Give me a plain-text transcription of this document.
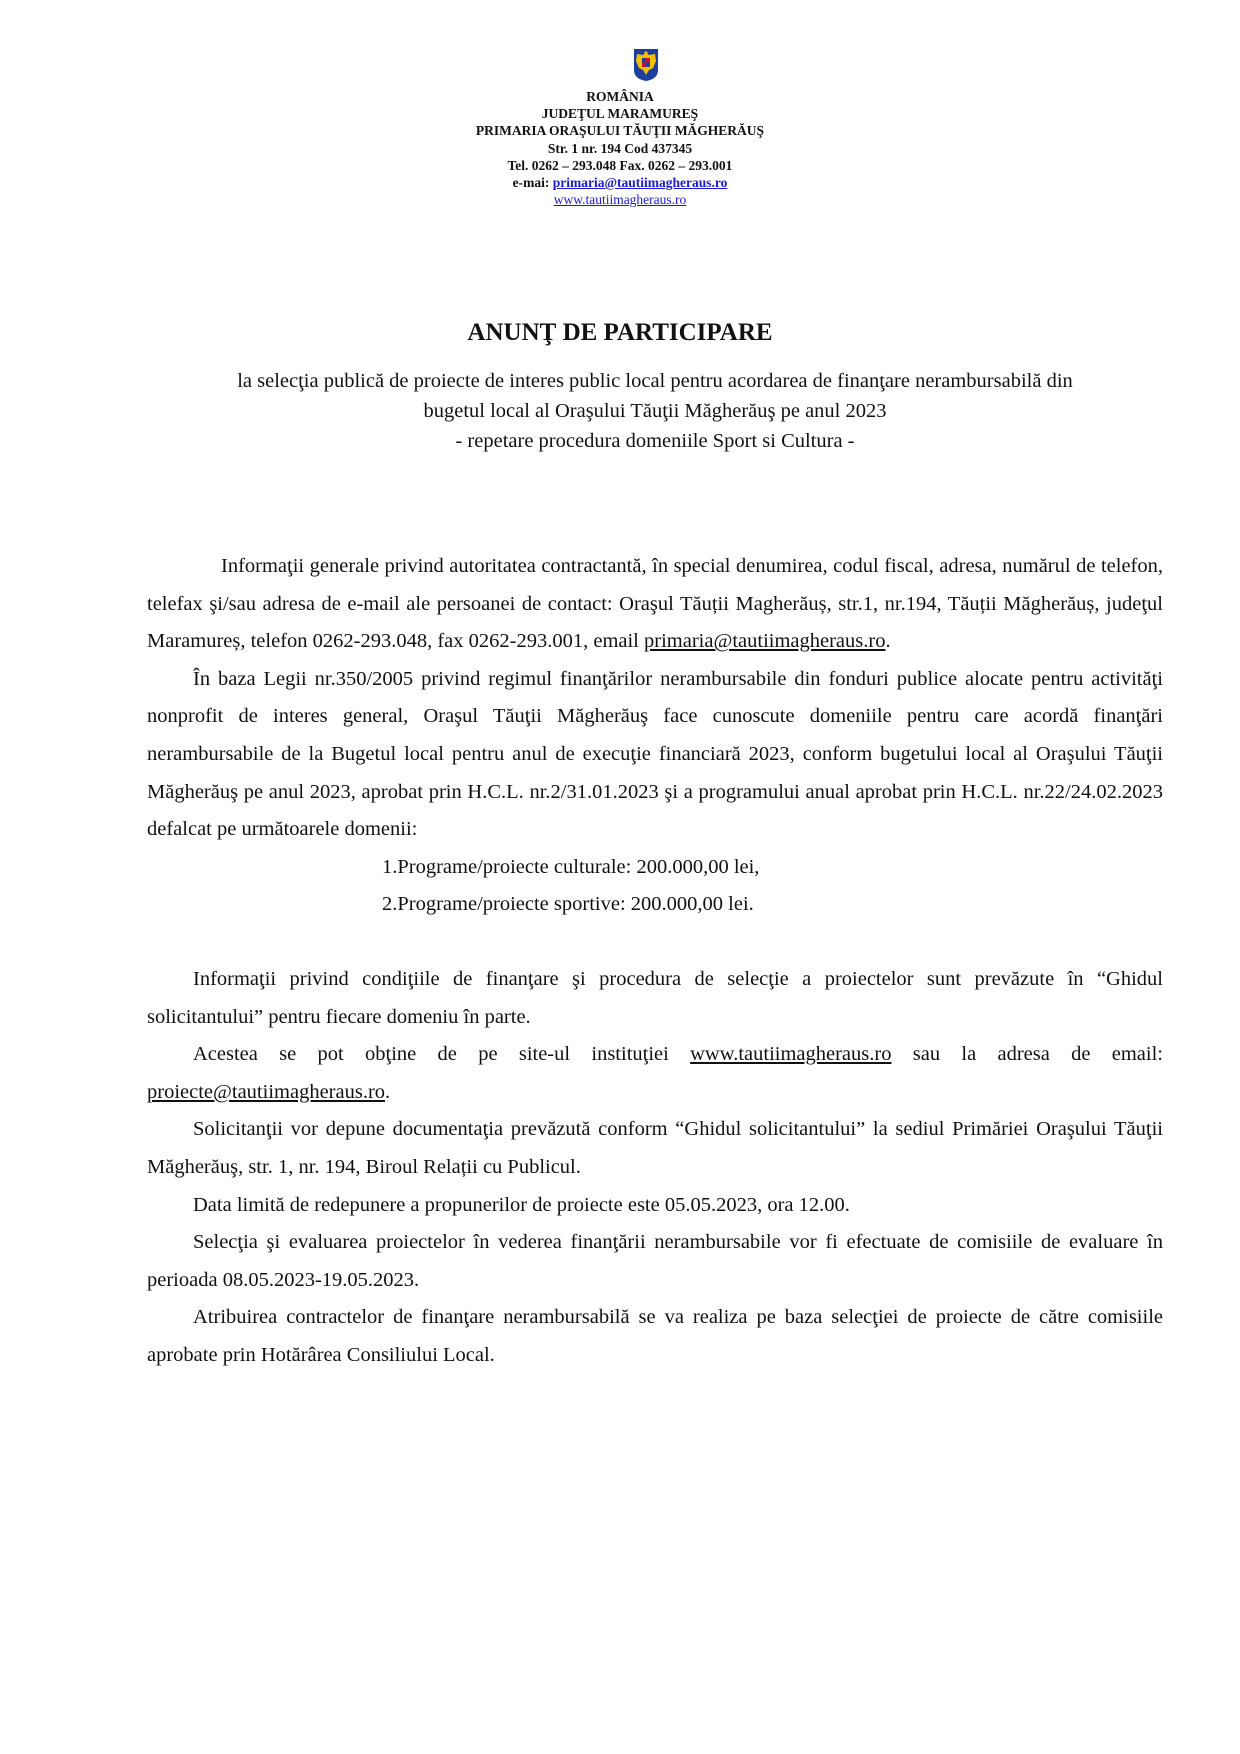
ROMÂNIA
JUDEŢUL MARAMUREŞ
PRIMARIA ORAŞULUI TĂUŢII MĂGHERĂUŞ
Str. 1 nr. 194 Cod 437345
Tel. 0262 – 293.048 Fax. 0262 – 293.001
e-mai: primaria@tautiimagheraus.ro
www.tautiimagheraus.ro
ANUNŢ DE PARTICIPARE
la selecţia publică de proiecte de interes public local pentru acordarea de finanţare nerambursabilă din
bugetul local al Oraşului Tăuţii Măgherăuş pe anul 2023
- repetare procedura domeniile Sport si Cultura -

Informaţii generale privind autoritatea contractantă, în special denumirea, codul fiscal, adresa, numărul de telefon, telefax şi/sau adresa de e-mail ale persoanei de contact: Oraşul Tăuții Magherăuș, str.1, nr.194, Tăuții Măgherăuș, judeţul Maramureș, telefon 0262-293.048, fax 0262-293.001, email primaria@tautiimagheraus.ro.

În baza Legii nr.350/2005 privind regimul finanţărilor nerambursabile din fonduri publice alocate pentru activităţi nonprofit de interes general, Oraşul Tăuţii Măgherăuş face cunoscute domeniile pentru care acordă finanţări nerambursabile de la Bugetul local pentru anul de execuţie financiară 2023, conform bugetului local al Oraşului Tăuţii Măgherăuş pe anul 2023, aprobat prin H.C.L. nr.2/31.01.2023 şi a programului anual aprobat prin H.C.L. nr.22/24.02.2023 defalcat pe următoarele domenii:

1.Programe/proiecte culturale: 200.000,00 lei,
2.Programe/proiecte sportive: 200.000,00 lei.

Informaţii privind condiţiile de finanţare şi procedura de selecţie a proiectelor sunt prevăzute în “Ghidul solicitantului” pentru fiecare domeniu în parte.

Acestea se pot obţine de pe site-ul instituţiei www.tautiimagheraus.ro sau la adresa de email: proiecte@tautiimagheraus.ro.

Solicitanţii vor depune documentaţia prevăzută conform “Ghidul solicitantului” la sediul Primăriei Oraşului Tăuţii Măgherăuş, str. 1, nr. 194, Biroul Relații cu Publicul.

Data limită de redepunere a propunerilor de proiecte este 05.05.2023, ora 12.00.

Selecţia şi evaluarea proiectelor în vederea finanţării nerambursabile vor fi efectuate de comisiile de evaluare în perioada 08.05.2023-19.05.2023.

Atribuirea contractelor de finanţare nerambursabilă se va realiza pe baza selecţiei de proiecte de către comisiile aprobate prin Hotărârea Consiliului Local.
